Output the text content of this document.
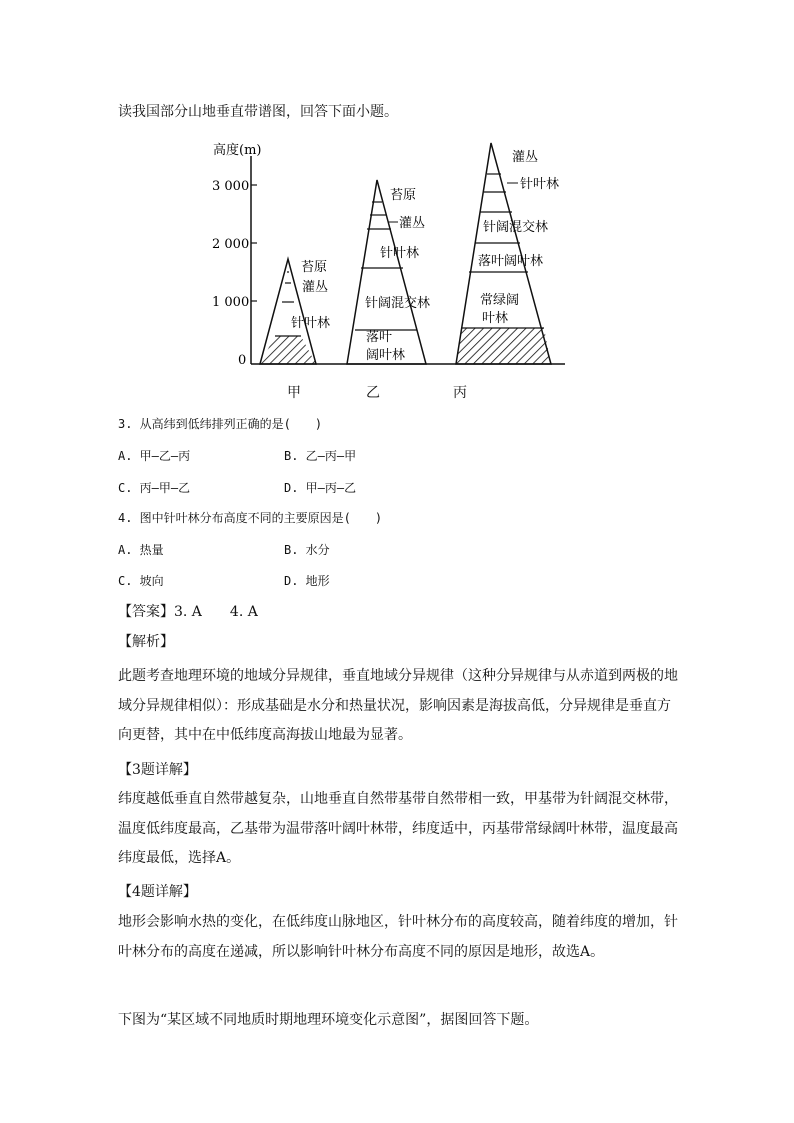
读我国部分山地垂直带谱图，回答下面小题。
高度(m)
3 000
2 000
1 000
0
苔原
灌丛
针叶林
苔原
灌丛
针叶林
针阔混交林
落叶
阔叶林
灌丛
针叶林
针阔混交林
落叶阔叶林
常绿阔
叶林
甲	乙	丙
3. 从高纬到低纬排列正确的是(　　)
A. 甲—乙—丙	B. 乙—丙—甲
C. 丙—甲—乙	D. 甲—丙—乙
4. 图中针叶林分布高度不同的主要原因是(　　)
A. 热量	B. 水分
C. 坡向	D. 地形
【答案】3. A　　4. A
【解析】
此题考查地理环境的地域分异规律，垂直地域分异规律（这种分异规律与从赤道到两极的地
域分异规律相似）：形成基础是水分和热量状况，影响因素是海拔高低，分异规律是垂直方
向更替，其中在中低纬度高海拔山地最为显著。
【3题详解】
纬度越低垂直自然带越复杂，山地垂直自然带基带自然带相一致，甲基带为针阔混交林带，
温度低纬度最高，乙基带为温带落叶阔叶林带，纬度适中，丙基带常绿阔叶林带，温度最高
纬度最低，选择A。
【4题详解】
地形会影响水热的变化，在低纬度山脉地区，针叶林分布的高度较高，随着纬度的增加，针
叶林分布的高度在递减，所以影响针叶林分布高度不同的原因是地形，故选A。
下图为“某区域不同地质时期地理环境变化示意图”，据图回答下题。
